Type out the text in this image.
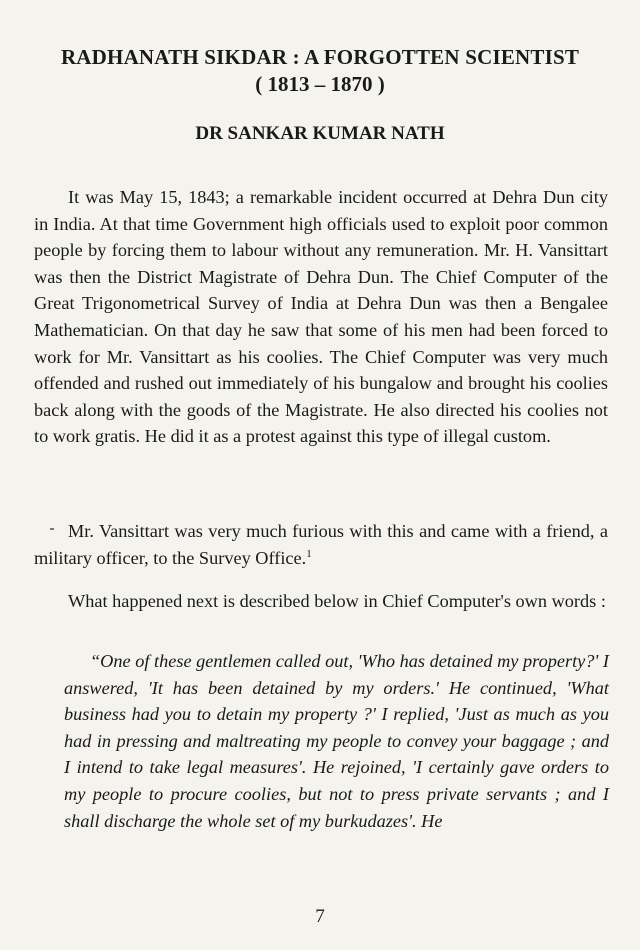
RADHANATH SIKDAR : A FORGOTTEN SCIENTIST
( 1813 – 1870 )
DR SANKAR KUMAR NATH

It was May 15, 1843; a remarkable incident occurred at Dehra Dun city in India. At that time Government high officials used to exploit poor common people by forcing them to labour without any remuneration. Mr. H. Vansittart was then the District Magistrate of Dehra Dun. The Chief Computer of the Great Trigonometrical Survey of India at Dehra Dun was then a Bengalee Mathematician. On that day he saw that some of his men had been forced to work for Mr. Vansittart as his coolies. The Chief Computer was very much offended and rushed out immediately of his bungalow and brought his coolies back along with the goods of the Magistrate. He also directed his coolies not to work gratis. He did it as a protest against this type of illegal custom.

Mr. Vansittart was very much furious with this and came with a friend, a military officer, to the Survey Office.$^1$

What happened next is described below in Chief Computer's own words :

“One of these gentlemen called out, 'Who has detained my property?' I answered, 'It has been detained by my orders.' He continued, 'What business had you to detain my property ?' I replied, 'Just as much as you had in pressing and maltreating my people to convey your baggage ; and I intend to take legal measures'. He rejoined, 'I certainly gave orders to my people to procure coolies, but not to press private servants ; and I shall discharge the whole set of my burkudazes'. He

7
